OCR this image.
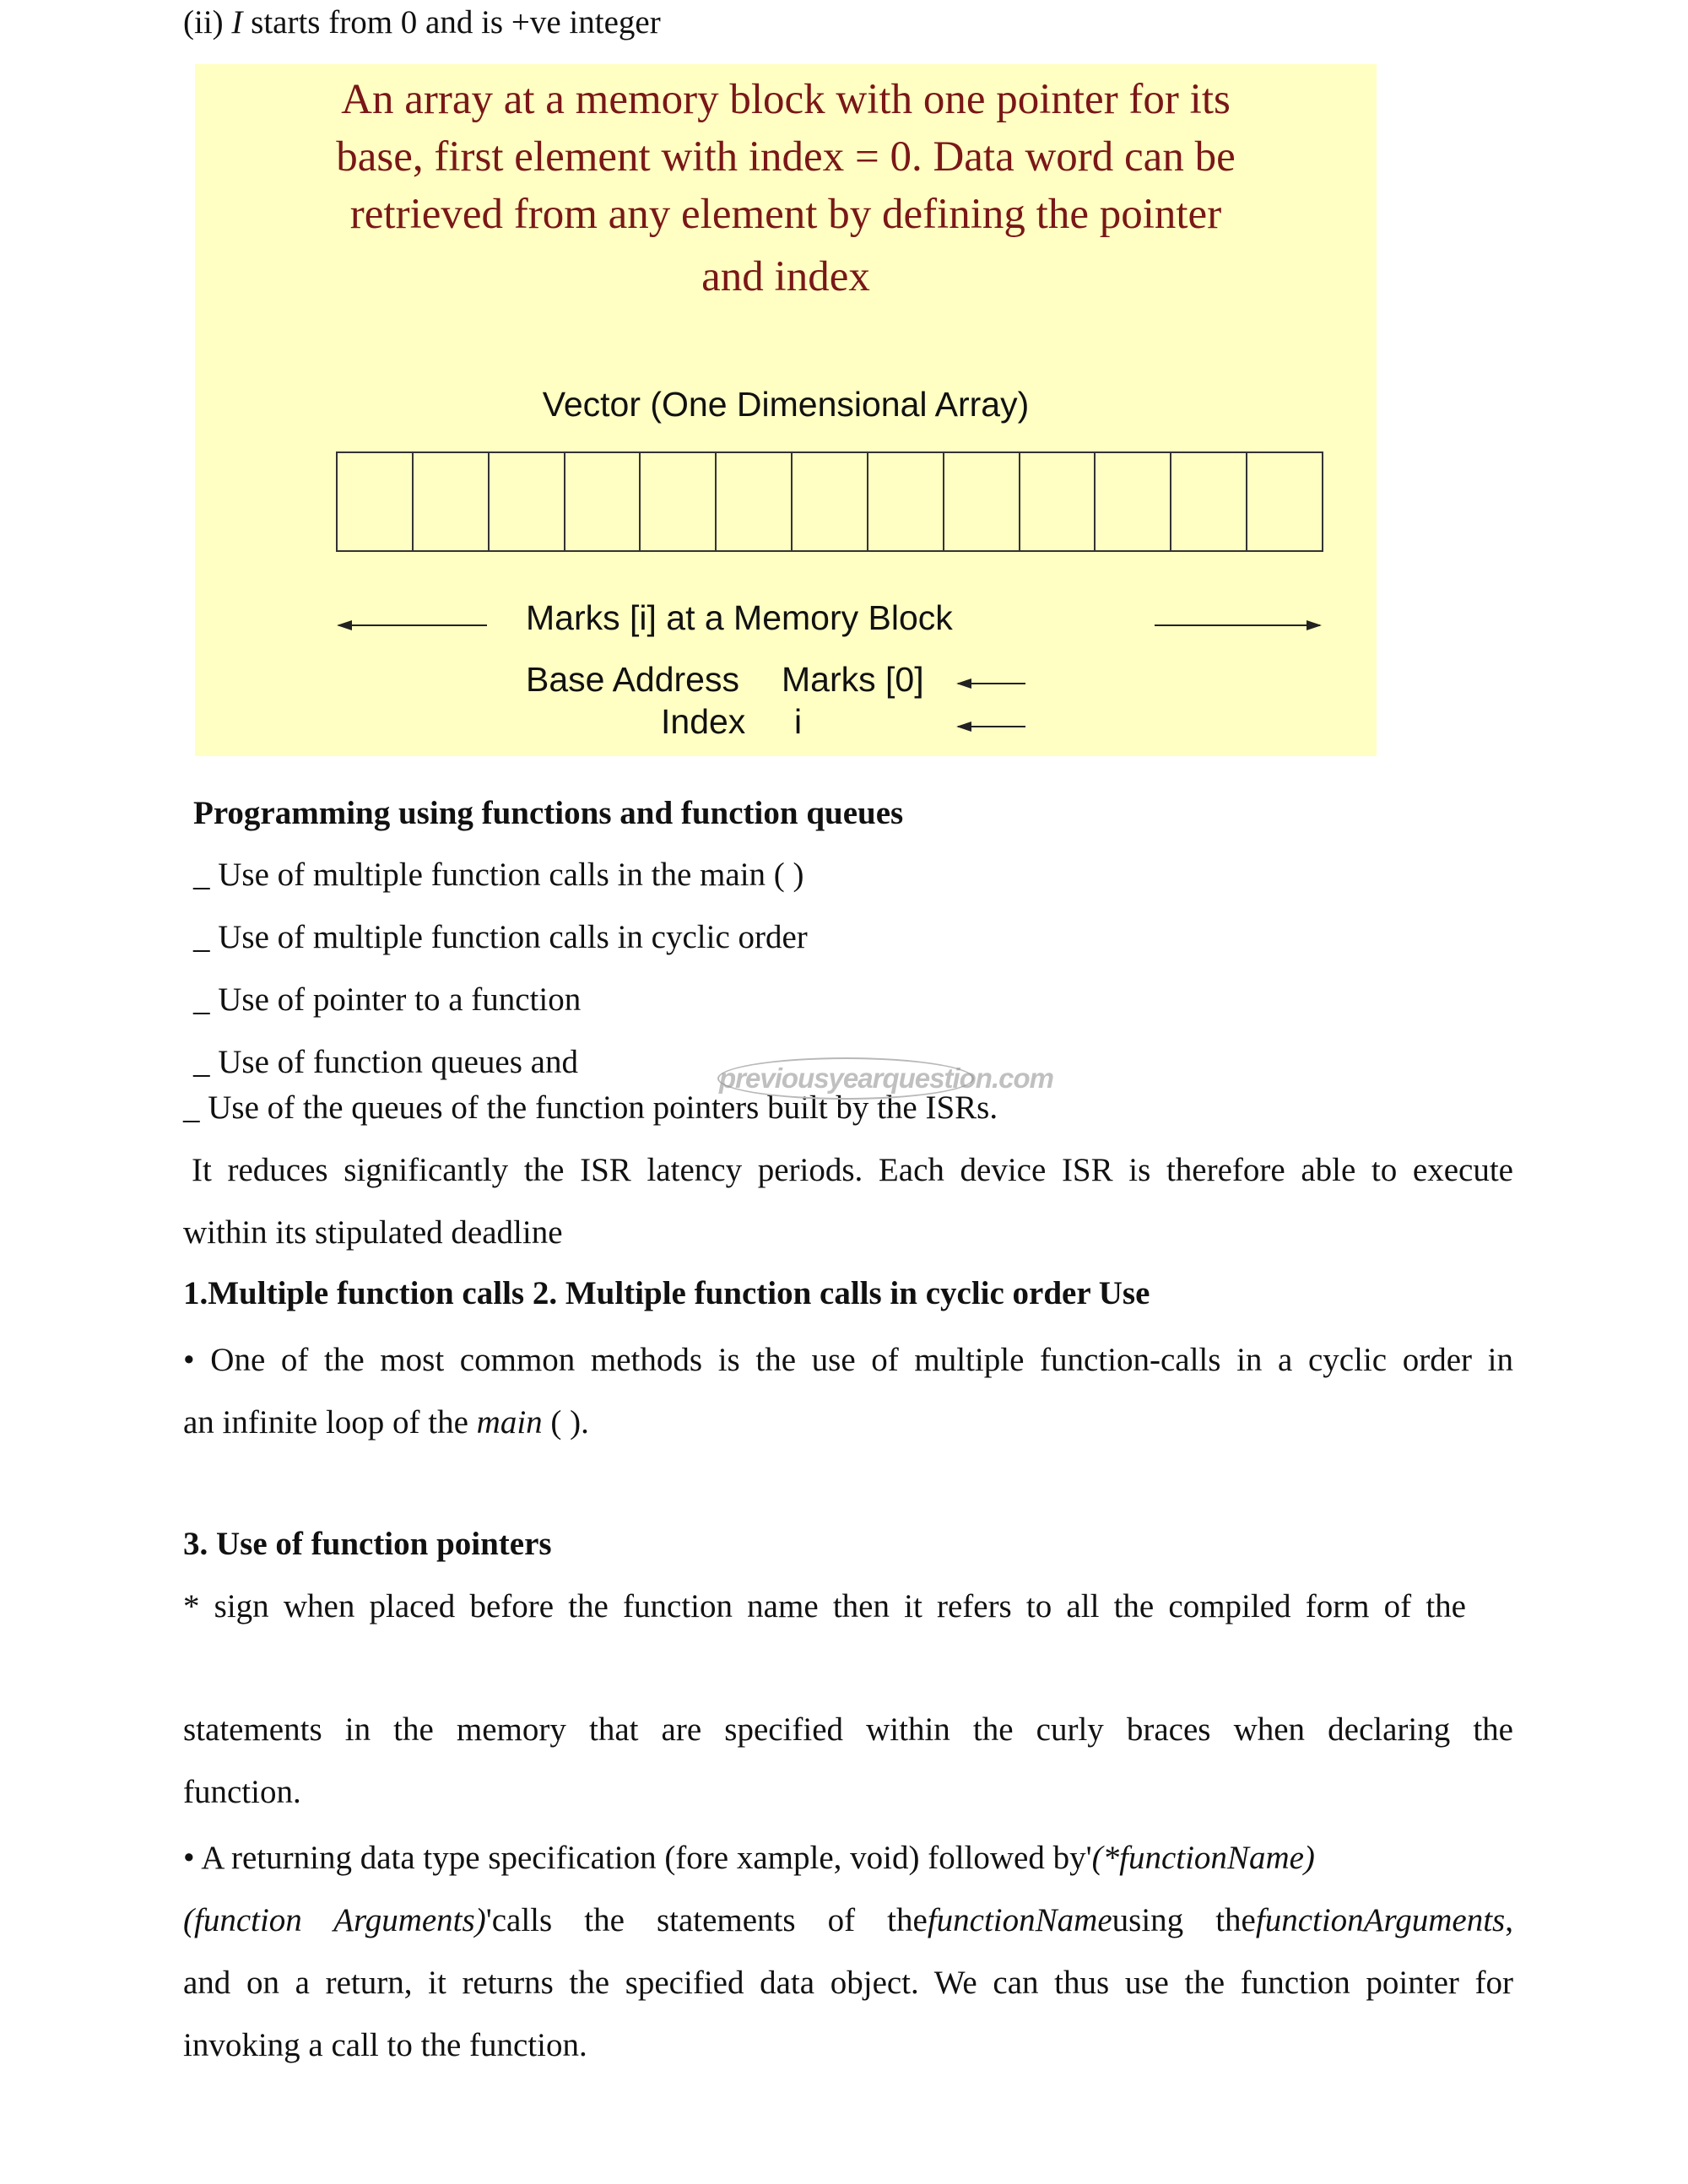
(ii) I starts from 0 and is +ve integer

An array at a memory block with one pointer for its
base, first element with index = 0. Data word can be
retrieved from any element by defining the pointer
and index
Vector (One Dimensional Array)
Marks [i] at a Memory Block
Base Address Marks [0]
Index i

Programming using functions and function queues

_ Use of multiple function calls in the main ( )

_ Use of multiple function calls in cyclic order

_ Use of pointer to a function

_ Use of function queues and

_ Use of the queues of the function pointers built by the ISRs.

previousyearquestion.com

It reduces significantly the ISR latency periods. Each device ISR is therefore able to execute

within its stipulated deadline

1.Multiple function calls 2. Multiple function calls in cyclic order Use

• One of the most common methods is the use of multiple function-calls in a cyclic order in

an infinite loop of the main ( ).

3. Use of function pointers

* sign when placed before the function name then it refers to all the compiled form of the

statements in the memory that are specified within the curly braces when declaring the

function.

• A returning data type specification (fore xample, void) followed by'(*functionName)

(function Arguments)'calls the statements of thefunctionNameusing thefunctionArguments,

and on a return, it returns the specified data object. We can thus use the function pointer for

invoking a call to the function.
